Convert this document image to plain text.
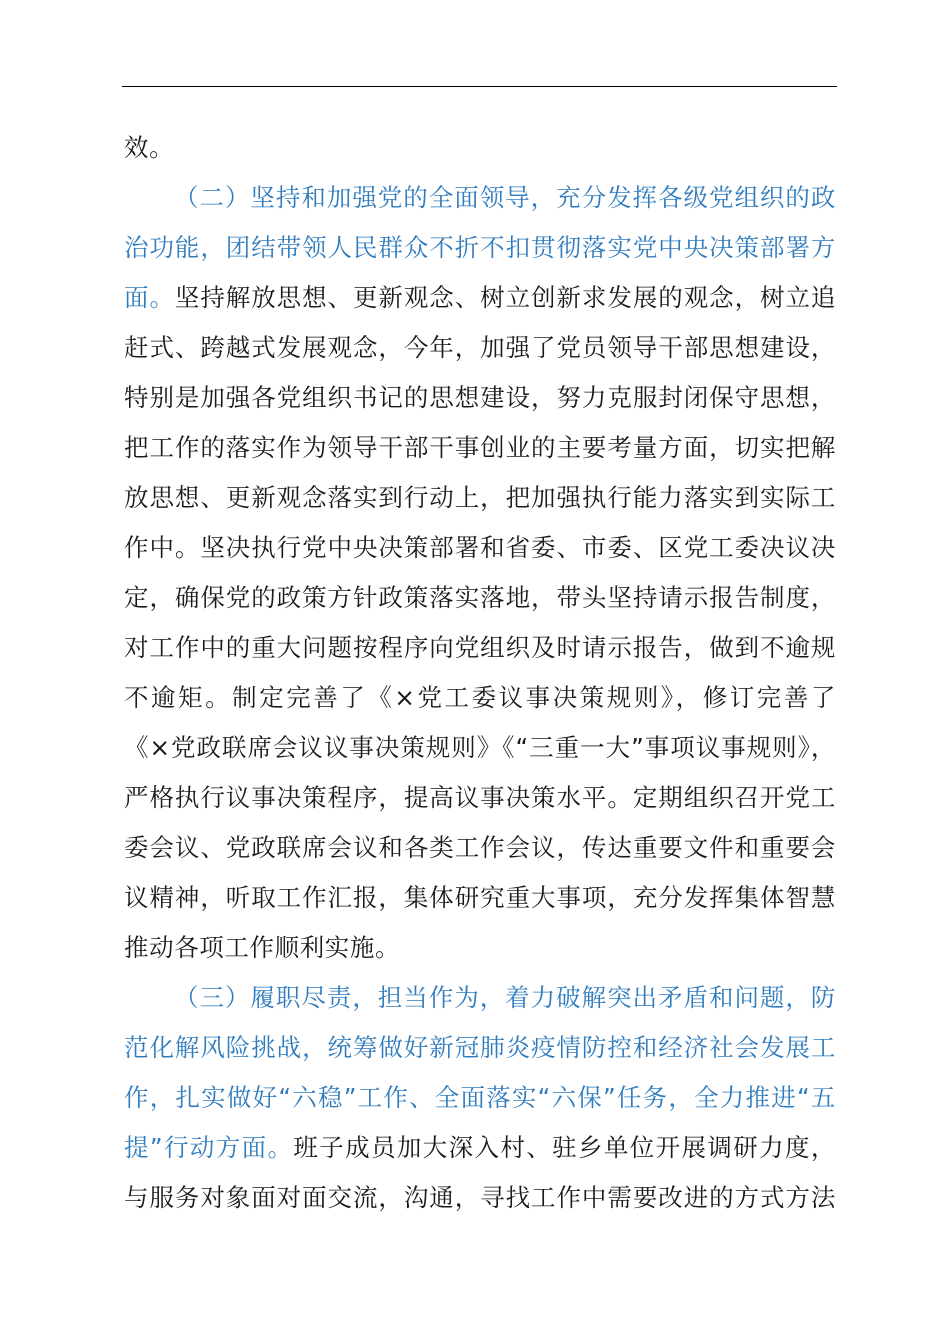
效。
（二）坚持和加强党的全面领导，充分发挥各级党组织的政
治功能，团结带领人民群众不折不扣贯彻落实党中央决策部署方
面。坚持解放思想、更新观念、树立创新求发展的观念，树立追
赶式、跨越式发展观念，今年，加强了党员领导干部思想建设，
特别是加强各党组织书记的思想建设，努力克服封闭保守思想，
把工作的落实作为领导干部干事创业的主要考量方面，切实把解
放思想、更新观念落实到行动上，把加强执行能力落实到实际工
作中。坚决执行党中央决策部署和省委、市委、区党工委决议决
定，确保党的政策方针政策落实落地，带头坚持请示报告制度，
对工作中的重大问题按程序向党组织及时请示报告，做到不逾规
不逾矩。制定完善了《×党工委议事决策规则》，修订完善了
《×党政联席会议议事决策规则》《“三重一大”事项议事规则》，
严格执行议事决策程序，提高议事决策水平。定期组织召开党工
委会议、党政联席会议和各类工作会议，传达重要文件和重要会
议精神，听取工作汇报，集体研究重大事项，充分发挥集体智慧
推动各项工作顺利实施。
（三）履职尽责，担当作为，着力破解突出矛盾和问题，防
范化解风险挑战，统筹做好新冠肺炎疫情防控和经济社会发展工
作，扎实做好“六稳”工作、全面落实“六保”任务，全力推进“五
提”行动方面。班子成员加大深入村、驻乡单位开展调研力度，
与服务对象面对面交流，沟通，寻找工作中需要改进的方式方法
